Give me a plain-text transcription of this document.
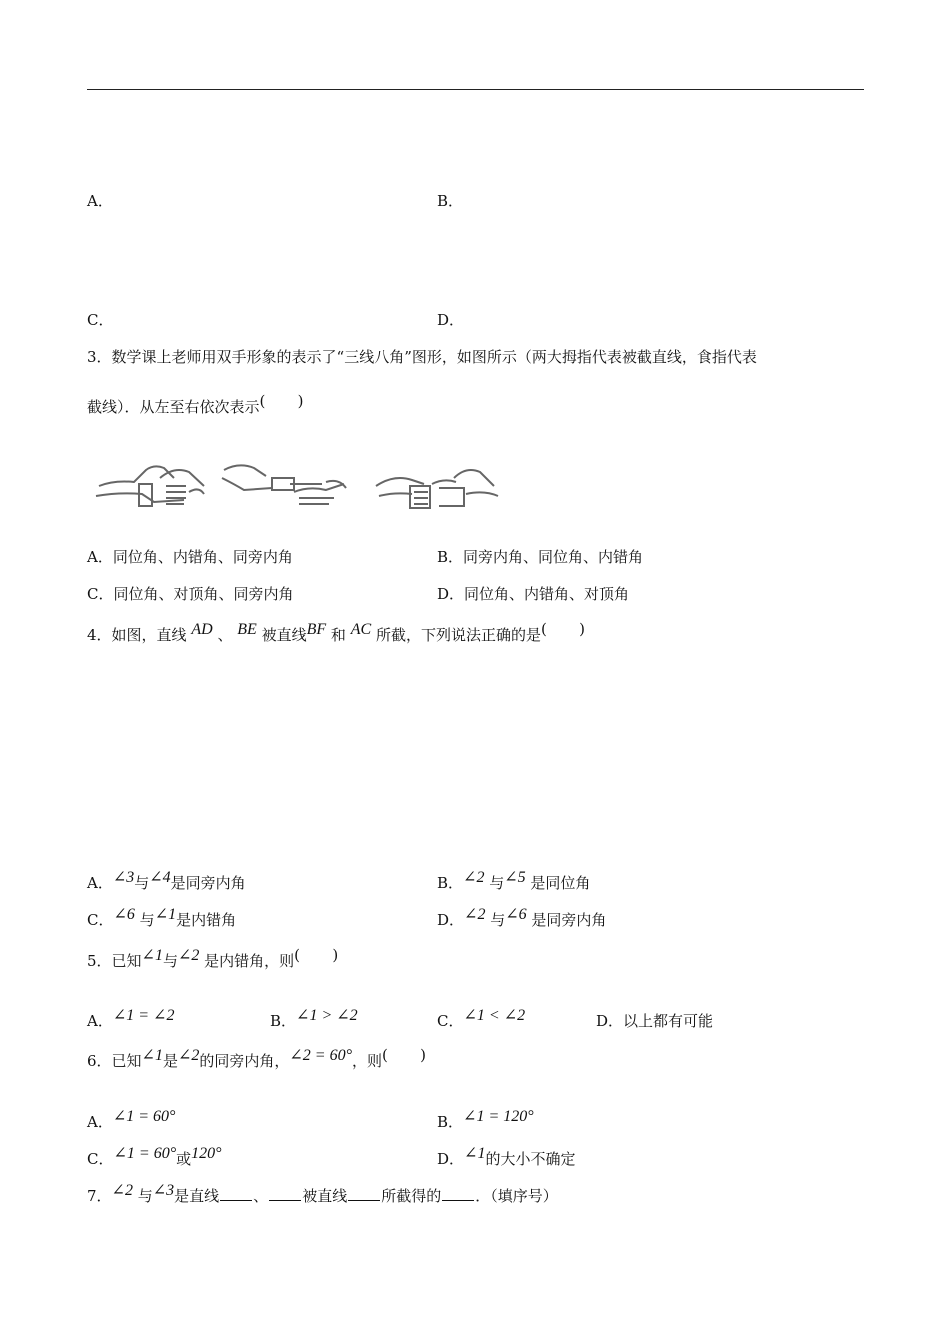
A．	B．
C．	D．
3．数学课上老师用双手形象的表示了“三线八角”图形，如图所示（两大拇指代表被截直线，食指代表
截线）．从左至右依次表示( )
A．同位角、内错角、同旁内角	B．同旁内角、同位角、内错角
C．同位角、对顶角、同旁内角	D．同位角、内错角、对顶角
4．如图，直线 AD 、 BE 被直线BF 和 AC 所截，下列说法正确的是( )
A．∠3与∠4是同旁内角	B．∠2 与∠5 是同位角
C．∠6 与∠1是内错角	D．∠2 与∠6 是同旁内角
5．已知∠1与∠2 是内错角，则( )
A．∠1 = ∠2	B．∠1 > ∠2	C．∠1 < ∠2	D．以上都有可能
6．已知∠1是∠2的同旁内角，∠2 = 60°，则( )
A．∠1 = 60°	B．∠1 = 120°
C．∠1 = 60°或120°	D．∠1的大小不确定
7．∠2 与∠3是直线 、 被直线 所截得的 ．（填序号）
